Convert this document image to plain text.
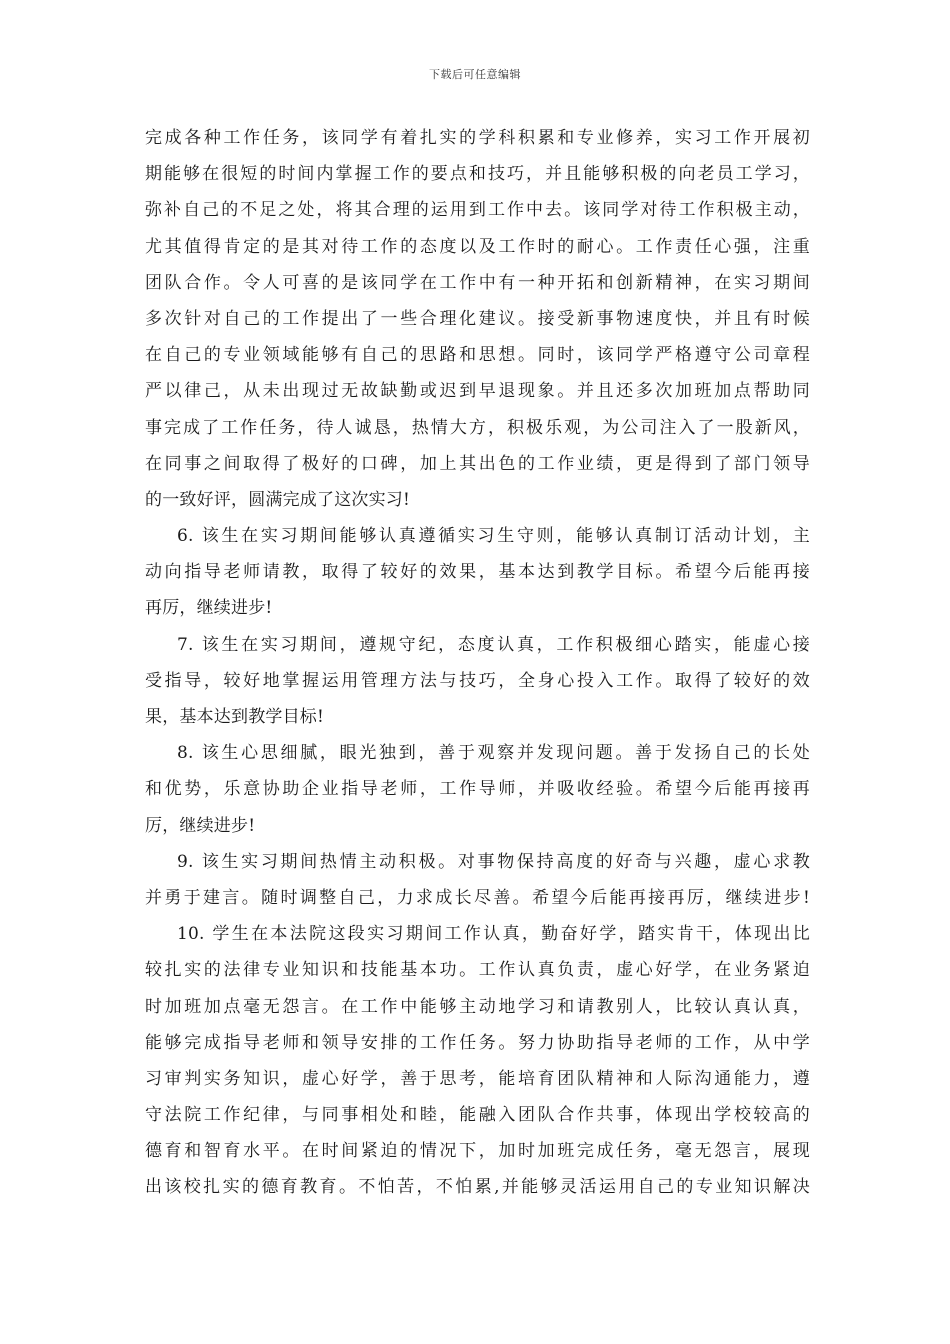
下载后可任意编辑
完成各种工作任务，该同学有着扎实的学科积累和专业修养，实习工作开展初
期能够在很短的时间内掌握工作的要点和技巧，并且能够积极的向老员工学习，
弥补自己的不足之处，将其合理的运用到工作中去。该同学对待工作积极主动，
尤其值得肯定的是其对待工作的态度以及工作时的耐心。工作责任心强，注重
团队合作。令人可喜的是该同学在工作中有一种开拓和创新精神，在实习期间
多次针对自己的工作提出了一些合理化建议。接受新事物速度快，并且有时候
在自己的专业领域能够有自己的思路和思想。同时，该同学严格遵守公司章程
严以律己，从未出现过无故缺勤或迟到早退现象。并且还多次加班加点帮助同
事完成了工作任务，待人诚恳，热情大方，积极乐观，为公司注入了一股新风，
在同事之间取得了极好的口碑，加上其出色的工作业绩，更是得到了部门领导
的一致好评，圆满完成了这次实习!
6. 该生在实习期间能够认真遵循实习生守则，能够认真制订活动计划，主
动向指导老师请教，取得了较好的效果，基本达到教学目标。希望今后能再接
再厉，继续进步!
7. 该生在实习期间，遵规守纪，态度认真，工作积极细心踏实，能虚心接
受指导，较好地掌握运用管理方法与技巧，全身心投入工作。取得了较好的效
果，基本达到教学目标!
8. 该生心思细腻，眼光独到，善于观察并发现问题。善于发扬自己的长处
和优势，乐意协助企业指导老师，工作导师，并吸收经验。希望今后能再接再
厉，继续进步!
9. 该生实习期间热情主动积极。对事物保持高度的好奇与兴趣，虚心求教
并勇于建言。随时调整自己，力求成长尽善。希望今后能再接再厉，继续进步!
10. 学生在本法院这段实习期间工作认真，勤奋好学，踏实肯干，体现出比
较扎实的法律专业知识和技能基本功。工作认真负责，虚心好学，在业务紧迫
时加班加点毫无怨言。在工作中能够主动地学习和请教别人，比较认真认真，
能够完成指导老师和领导安排的工作任务。努力协助指导老师的工作，从中学
习审判实务知识，虚心好学，善于思考，能培育团队精神和人际沟通能力，遵
守法院工作纪律，与同事相处和睦，能融入团队合作共事，体现出学校较高的
德育和智育水平。在时间紧迫的情况下，加时加班完成任务，毫无怨言，展现
出该校扎实的德育教育。不怕苦，不怕累,并能够灵活运用自己的专业知识解决
